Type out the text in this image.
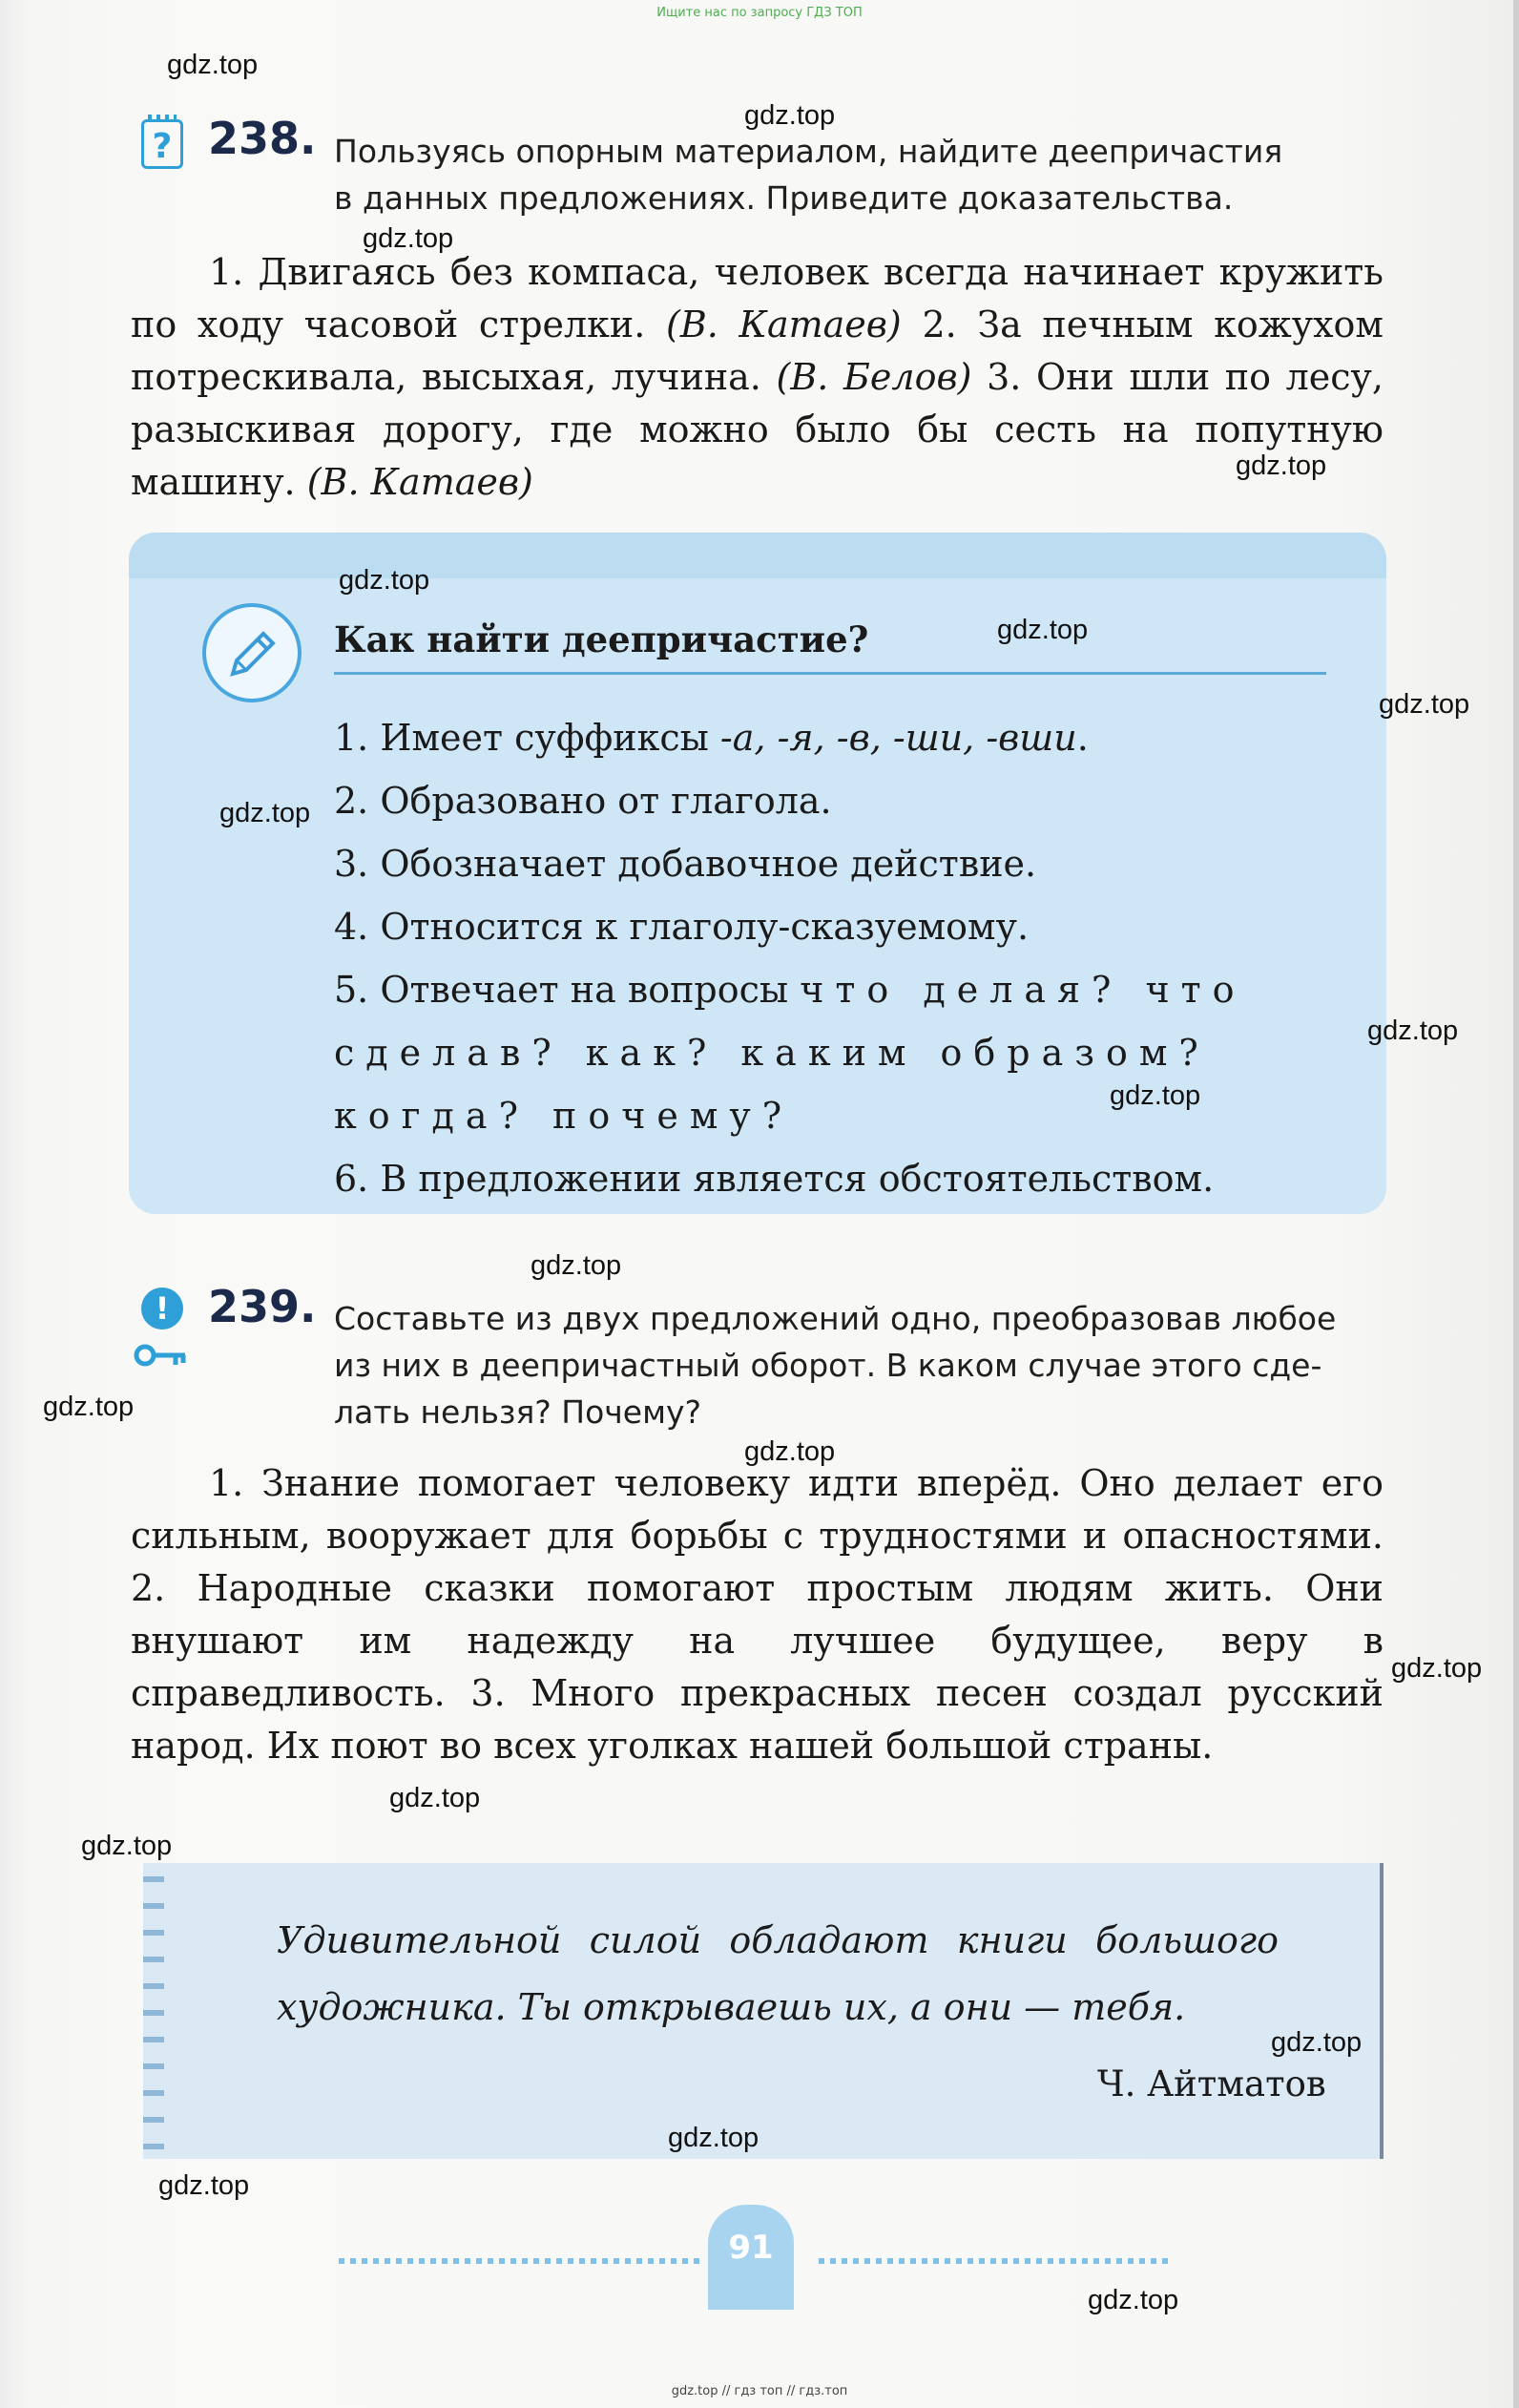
Ищите нас по запросу ГДЗ ТОП
? 238. Пользуясь опорным материалом, найдите деепричастия
в данных предложениях. Приведите доказательства.

1. Двигаясь без компаса, человек всегда начинает кружить по ходу часовой стрелки. (В. Катаев) 2. За печным кожухом потрескивала, высыхая, лучина. (В. Белов) 3. Они шли по лесу, разыскивая дорогу, где можно было бы сесть на попутную машину. (В. Катаев)

Как найти деепричастие?
1. Имеет суффиксы -а, -я, -в, -ши, -вши.
2. Образовано от глагола.
3. Обозначает добавочное действие.
4. Относится к глаголу-сказуемому.
5. Отвечает на вопросы что делая? что
сделав? как? каким образом?
когда? почему?
6. В предложении является обстоятельством.
! 239. Составьте из двух предложений одно, преобразовав любое
из них в деепричастный оборот. В каком случае этого сде-
лать нельзя? Почему?

1. Знание помогает человеку идти вперёд. Оно делает его сильным, вооружает для борьбы с трудностями и опасностями. 2. Народные сказки помогают простым людям жить. Они внушают им надежду на лучшее будущее, веру в справедливость. 3. Много прекрасных песен создал русский народ. Их поют во всех уголках нашей большой страны.

Удивительной силой обладают книги большого

художника. Ты открываешь их, а они — тебя.

Ч. Айтматов
91
gdz.top
gdz.top
gdz.top
gdz.top
gdz.top
gdz.top
gdz.top
gdz.top
gdz.top
gdz.top
gdz.top
gdz.top
gdz.top
gdz.top
gdz.top
gdz.top
gdz.top
gdz.top
gdz.top
gdz.top
gdz.top // гдз топ // гдз.топ
